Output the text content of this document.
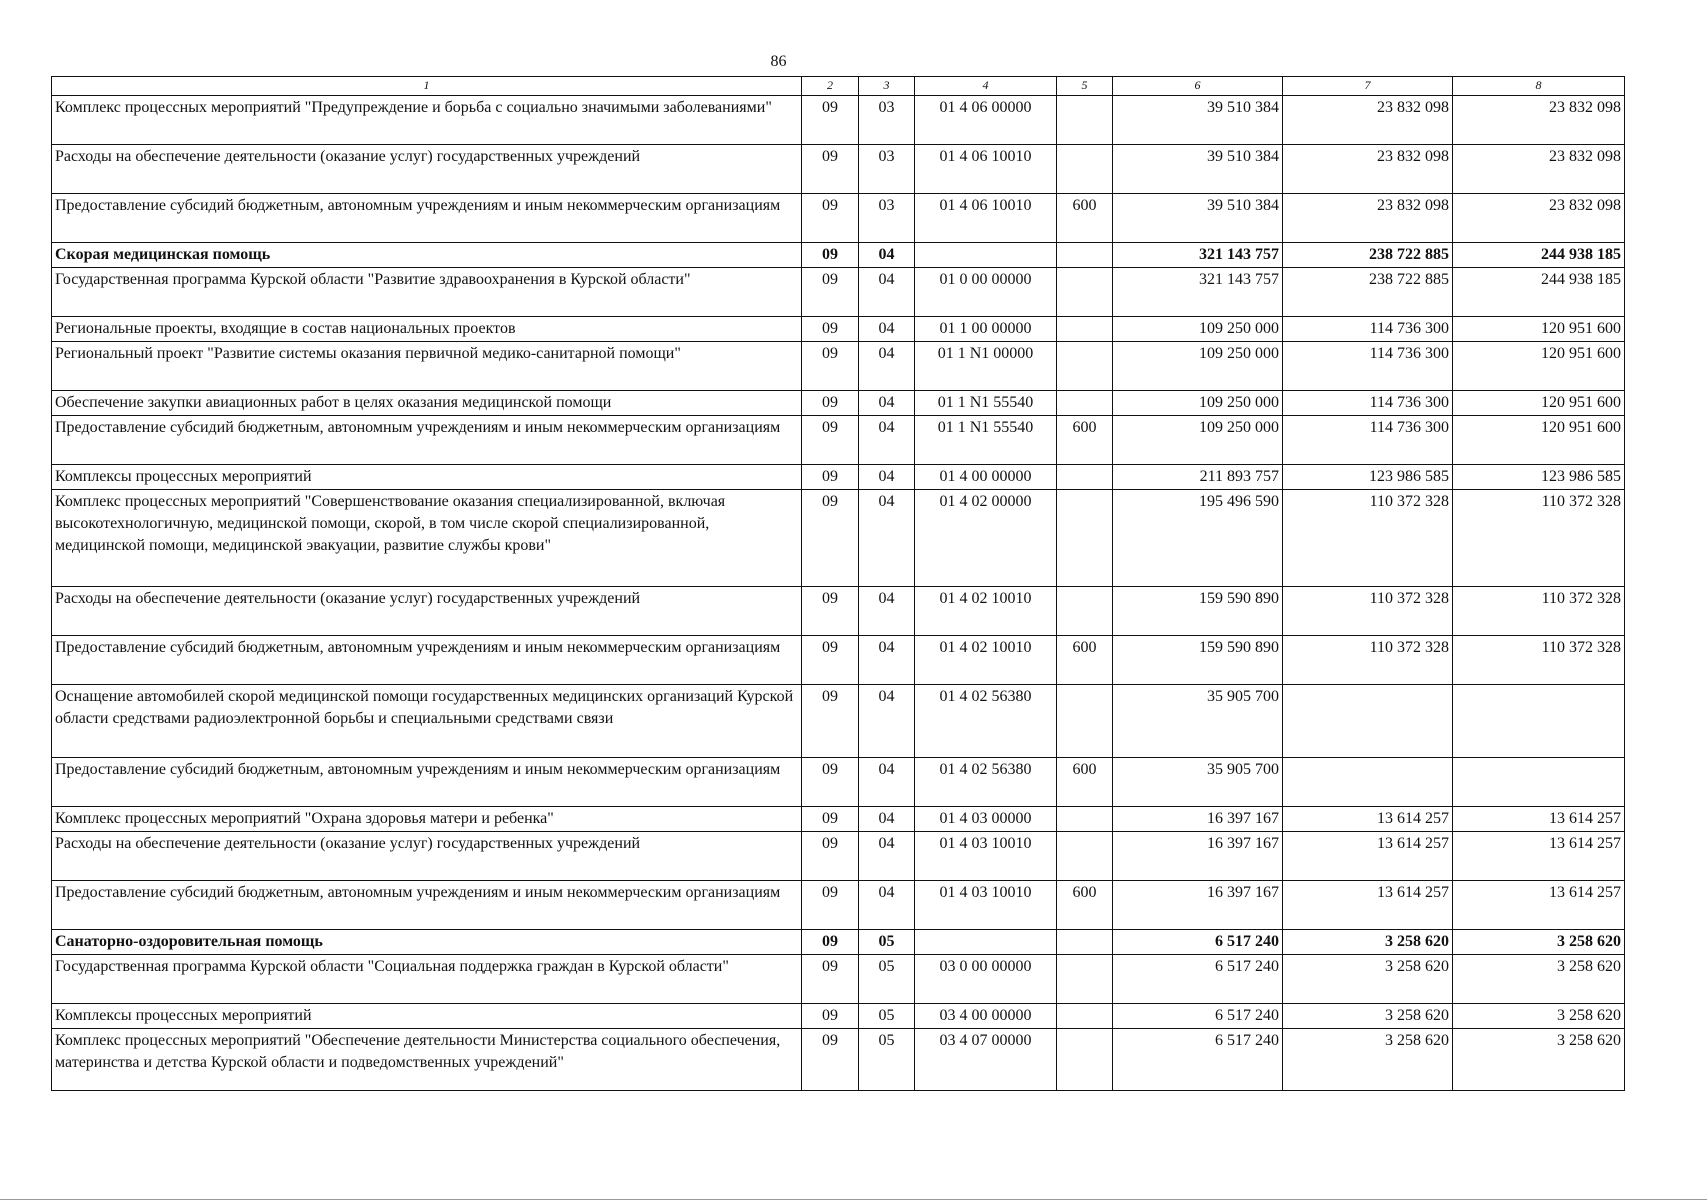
86
1	2	3	4	5	6	7	8
Комплекс процессных мероприятий "Предупреждение и борьба с социально значимыми заболеваниями"	09	03	01 4 06 00000		39 510 384	23 832 098	23 832 098
Расходы на обеспечение деятельности (оказание услуг) государственных учреждений	09	03	01 4 06 10010		39 510 384	23 832 098	23 832 098
Предоставление субсидий бюджетным, автономным учреждениям и иным некоммерческим организациям	09	03	01 4 06 10010	600	39 510 384	23 832 098	23 832 098
Скорая медицинская помощь	09	04			321 143 757	238 722 885	244 938 185
Государственная программа Курской области "Развитие здравоохранения в Курской области"	09	04	01 0 00 00000		321 143 757	238 722 885	244 938 185
Региональные проекты, входящие в состав национальных проектов	09	04	01 1 00 00000		109 250 000	114 736 300	120 951 600
Региональный проект "Развитие системы оказания первичной медико-санитарной помощи"	09	04	01 1 N1 00000		109 250 000	114 736 300	120 951 600
Обеспечение закупки авиационных работ в целях оказания медицинской помощи	09	04	01 1 N1 55540		109 250 000	114 736 300	120 951 600
Предоставление субсидий бюджетным, автономным учреждениям и иным некоммерческим организациям	09	04	01 1 N1 55540	600	109 250 000	114 736 300	120 951 600
Комплексы процессных мероприятий	09	04	01 4 00 00000		211 893 757	123 986 585	123 986 585
Комплекс процессных мероприятий "Совершенствование оказания специализированной, включая высокотехнологичную, медицинской помощи, скорой, в том числе скорой специализированной, медицинской помощи, медицинской эвакуации, развитие службы крови"	09	04	01 4 02 00000		195 496 590	110 372 328	110 372 328
Расходы на обеспечение деятельности (оказание услуг) государственных учреждений	09	04	01 4 02 10010		159 590 890	110 372 328	110 372 328
Предоставление субсидий бюджетным, автономным учреждениям и иным некоммерческим организациям	09	04	01 4 02 10010	600	159 590 890	110 372 328	110 372 328
Оснащение автомобилей скорой медицинской помощи государственных медицинских организаций Курской области средствами радиоэлектронной борьбы и специальными средствами связи	09	04	01 4 02 56380		35 905 700		
Предоставление субсидий бюджетным, автономным учреждениям и иным некоммерческим организациям	09	04	01 4 02 56380	600	35 905 700		
Комплекс процессных мероприятий "Охрана здоровья матери и ребенка"	09	04	01 4 03 00000		16 397 167	13 614 257	13 614 257
Расходы на обеспечение деятельности (оказание услуг) государственных учреждений	09	04	01 4 03 10010		16 397 167	13 614 257	13 614 257
Предоставление субсидий бюджетным, автономным учреждениям и иным некоммерческим организациям	09	04	01 4 03 10010	600	16 397 167	13 614 257	13 614 257
Санаторно-оздоровительная помощь	09	05			6 517 240	3 258 620	3 258 620
Государственная программа Курской области "Социальная поддержка граждан в Курской области"	09	05	03 0 00 00000		6 517 240	3 258 620	3 258 620
Комплексы процессных мероприятий	09	05	03 4 00 00000		6 517 240	3 258 620	3 258 620
Комплекс процессных мероприятий "Обеспечение деятельности Министерства социального обеспечения, материнства и детства Курской области и подведомственных учреждений"	09	05	03 4 07 00000		6 517 240	3 258 620	3 258 620
